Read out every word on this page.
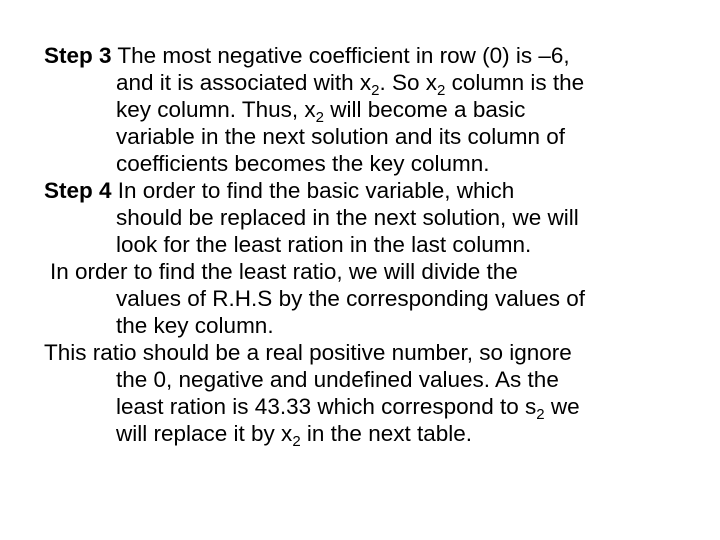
Step 3 The most negative coefficient in row (0) is –6,
and it is associated with $x_2$. So $x_2$ column is the
key column. Thus, $x_2$ will become a basic
variable in the next solution and its column of
coefficients becomes the key column.
Step 4 In order to find the basic variable, which
should be replaced in the next solution, we will
look for the least ration in the last column.
In order to find the least ratio, we will divide the
values of R.H.S by the corresponding values of
the key column.
This ratio should be a real positive number, so ignore
the 0, negative and undefined values. As the
least ration is 43.33 which correspond to $s_2$ we
will replace it by $x_2$ in the next table.
